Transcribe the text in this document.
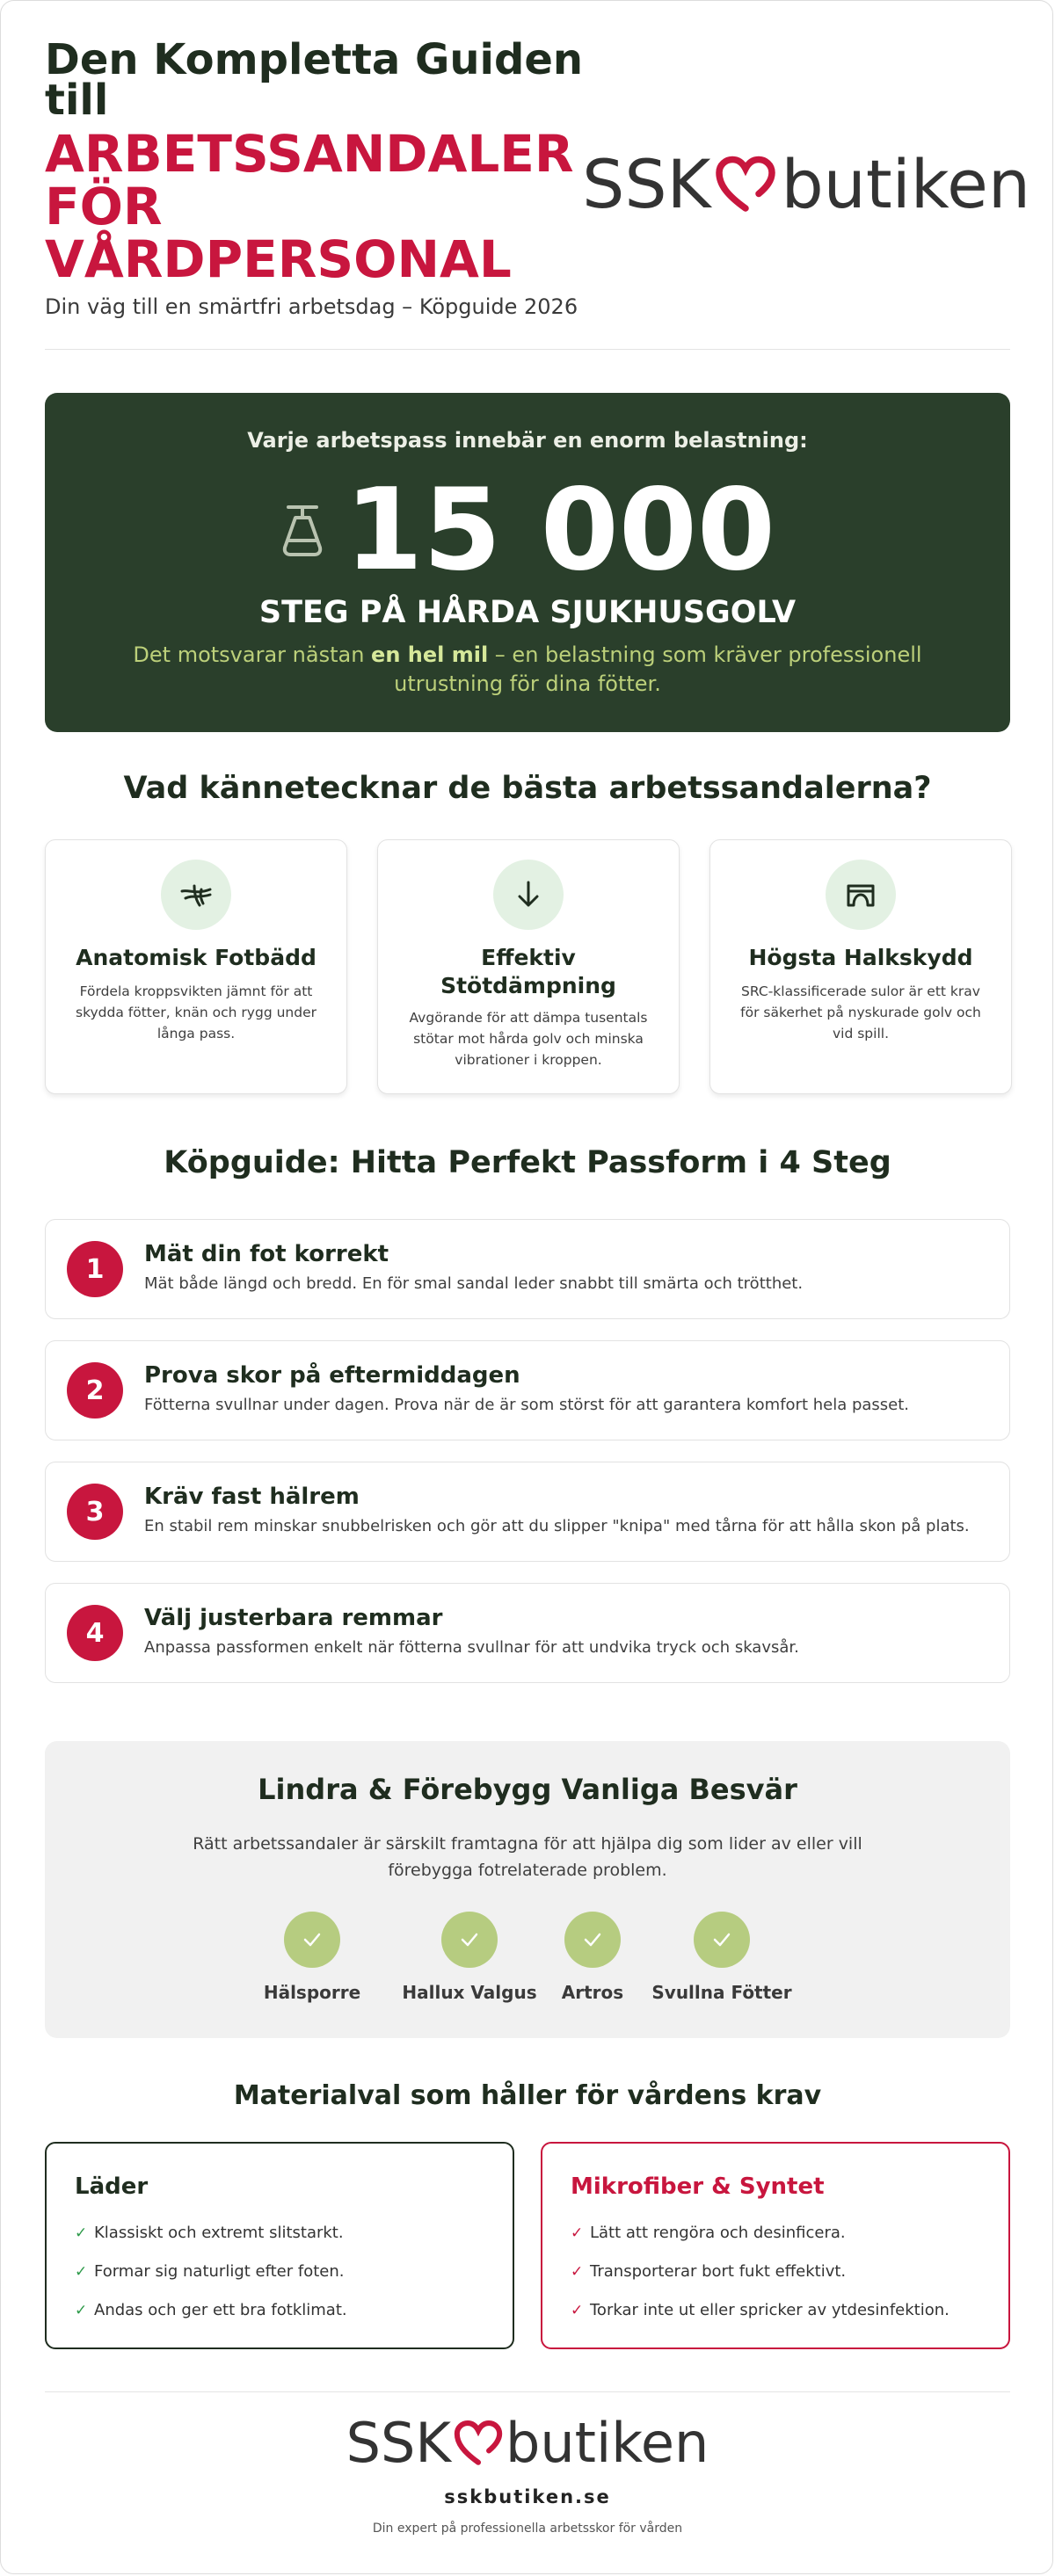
Den Kompletta Guiden
till
ARBETSSANDALER
FÖR
VÅRDPERSONAL
Din väg till en smärtfri arbetsdag – Köpguide 2026
SSK butiken
Varje arbetspass innebär en enorm belastning:
15 000
STEG PÅ HÅRDA SJUKHUSGOLV
Det motsvarar nästan en hel mil – en belastning som kräver professionell utrustning för dina fötter.
Vad kännetecknar de bästa arbetssandalerna?
Anatomisk Fotbädd

Fördela kroppsvikten jämnt för att skydda fötter, knän och rygg under långa pass.

Effektiv Stötdämpning

Avgörande för att dämpa tusentals stötar mot hårda golv och minska vibrationer i kroppen.

Högsta Halkskydd

SRC-klassificerade sulor är ett krav för säkerhet på nyskurade golv och vid spill.

Köpguide: Hitta Perfekt Passform i 4 Steg
1	Mät din fot korrekt
Mät både längd och bredd. En för smal sandal leder snabbt till smärta och trötthet.
2	Prova skor på eftermiddagen
Fötterna svullnar under dagen. Prova när de är som störst för att garantera komfort hela passet.
3	Kräv fast hälrem
En stabil rem minskar snubbelrisken och gör att du slipper "knipa" med tårna för att hålla skon på plats.
4	Välj justerbara remmar
Anpassa passformen enkelt när fötterna svullnar för att undvika tryck och skavsår.
Lindra & Förebygg Vanliga Besvär

Rätt arbetssandaler är särskilt framtagna för att hjälpa dig som lider av eller vill förebygga fotrelaterade problem.

Hälsporre	Hallux Valgus	Artros	Svullna Fötter
Materialval som håller för vårdens krav
Läder
✓ Klassiskt och extremt slitstarkt.
✓ Formar sig naturligt efter foten.
✓ Andas och ger ett bra fotklimat.
Mikrofiber & Syntet
✓ Lätt att rengöra och desinficera.
✓ Transporterar bort fukt effektivt.
✓ Torkar inte ut eller spricker av ytdesinfektion.
SSK butiken
sskbutiken.se
Din expert på professionella arbetsskor för vården
